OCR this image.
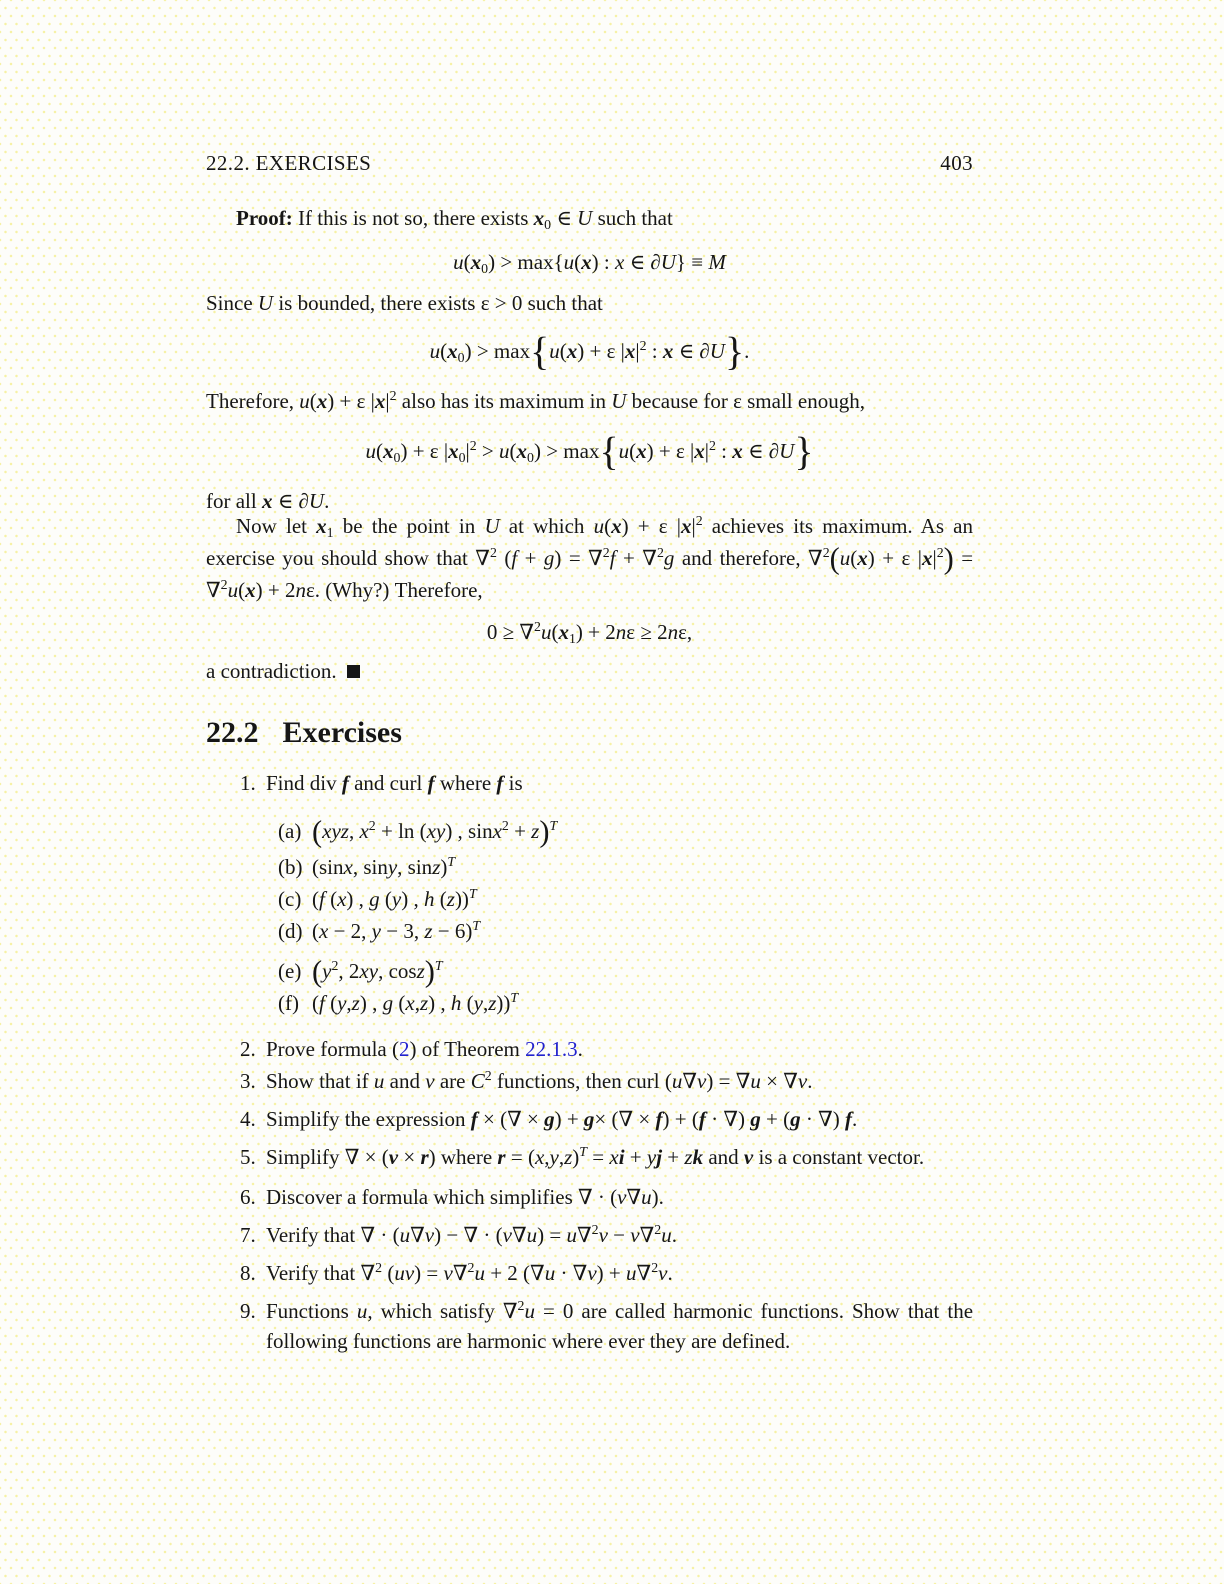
22.2. EXERCISES	403
Proof: If this is not so, there exists x0 ∈ U such that
u(x0) > max{u(x) : x ∈ ∂U} ≡ M
Since U is bounded, there exists ε > 0 such that
u(x0) > max{u(x) + ε $|x|^2$ : x ∈ ∂U}.
Therefore, u(x) + ε $|x|^2$ also has its maximum in U because for ε small enough,
u(x0) + ε $|x0|^2 > u(x0) > \max\{u(x) + \varepsilon$ $|x|^2$ : x ∈ ∂U}
for all x ∈ ∂U.
Now let x1 be the point in U at which u(x) + ε $|x|^2$ achieves its maximum. As an exercise you should show that ∇$^2$ (f + g) = ∇$^2$f + ∇$^2$g and therefore, ∇$^2$(u(x) + ε $|x|^2) = \nabla^2u(x) + 2n\varepsilon$. (Why?) Therefore,
0 ≥ ∇$^2$u(x1) + 2nε ≥ 2nε,
a contradiction.
22.2 Exercises
1. Find div f and curl f where f is
(a) (xyz, $x^2 + \ln (xy)$ , sinx$^2$ + z)$^T$
(b) (sinx, siny, sinz)$^T$
(c) (f (x) , g (y) , h (z))$^T$
(d) (x − 2, y − 3, z − 6)$^T$
(e) ($y^2$, 2xy, cosz)$^T$
(f) (f (y,z) , g (x,z) , h (y,z))$^T$
2. Prove formula (2) of Theorem 22.1.3.
3. Show that if u and v are $C^2$ functions, then curl (u∇v) = ∇u × ∇v.
4. Simplify the expression f × (∇ × g) + g× (∇ × f) + (f · ∇) g + (g · ∇) f.
5. Simplify ∇ × (v × r) where $r = (x,y,z)^T$ = xi + yj + zk and v is a constant vector.
6. Discover a formula which simplifies ∇ · (v∇u).
7. Verify that ∇ · (u∇v) − ∇ · (v∇u) = u∇$^2$v − v∇$^2$u.
8. Verify that ∇$^2$ (uv) = v∇$^2$u + 2 (∇u · ∇v) + u∇$^2$v.
9. Functions u, which satisfy ∇$^2$u = 0 are called harmonic functions. Show that the following functions are harmonic where ever they are defined.
